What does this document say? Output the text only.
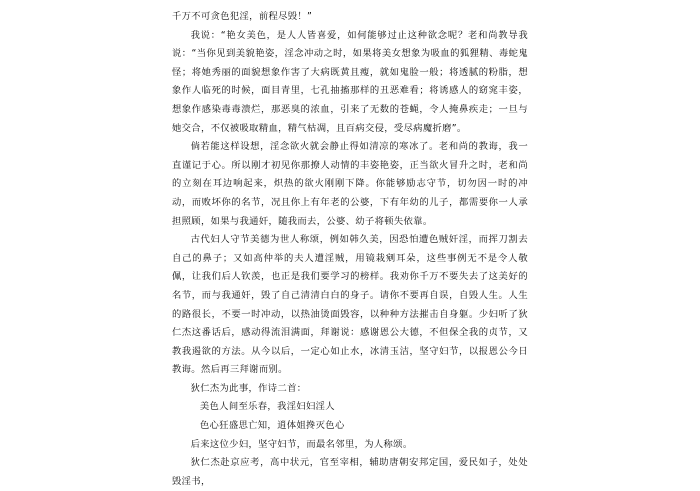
千万不可贪色犯淫，前程尽毁！”

我说：“艳女美色，是人人皆喜爱，如何能够过止这种欲念呢？老和尚教导我说：“当你见到美貌艳姿，淫念冲动之时，如果将美女想象为吸血的狐狸精、毒蛇鬼怪；将她秀丽的面貌想象作害了大病既黄且瘦，就如鬼脸一般；将透腻的粉脂，想象作人临死的时候，面目青里，七孔抽搐那样的丑恶难看；将诱感人的窈窕丰姿，想象作感染毒毒溃烂，那恶臭的浓血，引来了无数的苍蝇，令人掩鼻疾走；一旦与她交合，不仅被吸取精血，精气枯凋，且百病交侵，受尽病魔折磨”。

倘若能这样设想，淫念欲火就会静止得如清凉的寒冰了。老和尚的教诲，我一直谨记于心。所以刚才初见你那撩人动情的丰姿艳姿，正当欲火冒升之时，老和尚的立刻在耳边响起来，炽热的欲火刚刚下降。你能够励志守节，切勿因一时的冲动，而败坏你的名节，况且你上有年老的公婆，下有年幼的儿子，都需要你一人承担照顾，如果与我通奸，随我而去，公婆、幼子将顿失依靠。

古代妇人守节美德为世人称颂，例如韩久美，因恐怕遭色贼奸淫，而挥刀割去自己的鼻子；又如高仲举的夫人遭淫贼，用镜栽剜耳朵，这些事例无不是令人敬佩，让我们后人钦羡，也正是我们要学习的榜样。我劝你千万不要失去了这美好的名节，而与我通奸，毁了自己清清白白的身子。请你不要再自误，自毁人生。人生的路很长，不要一时冲动，以热油烫面毁容，以种种方法摧击自身躯。少妇听了狄仁杰这番话后，感动得流泪满面，拜谢说：感谢恩公大德，不但保全我的贞节，又教我遏欲的方法。从今以后，一定心如止水，冰清玉洁，坚守妇节，以报恩公今日教诲。然后再三拜谢而别。

狄仁杰为此事，作诗二首：

美色人间至乐春，我淫妇妇淫人

色心狂盛思亡知，逍体姐搀灭色心

后来这位少妇，坚守妇节，而最名邻里，为人称颂。

狄仁杰赴京应考，高中状元，官至宰相，辅助唐朝安邦定国，爱民如子，处处毁淫书，
